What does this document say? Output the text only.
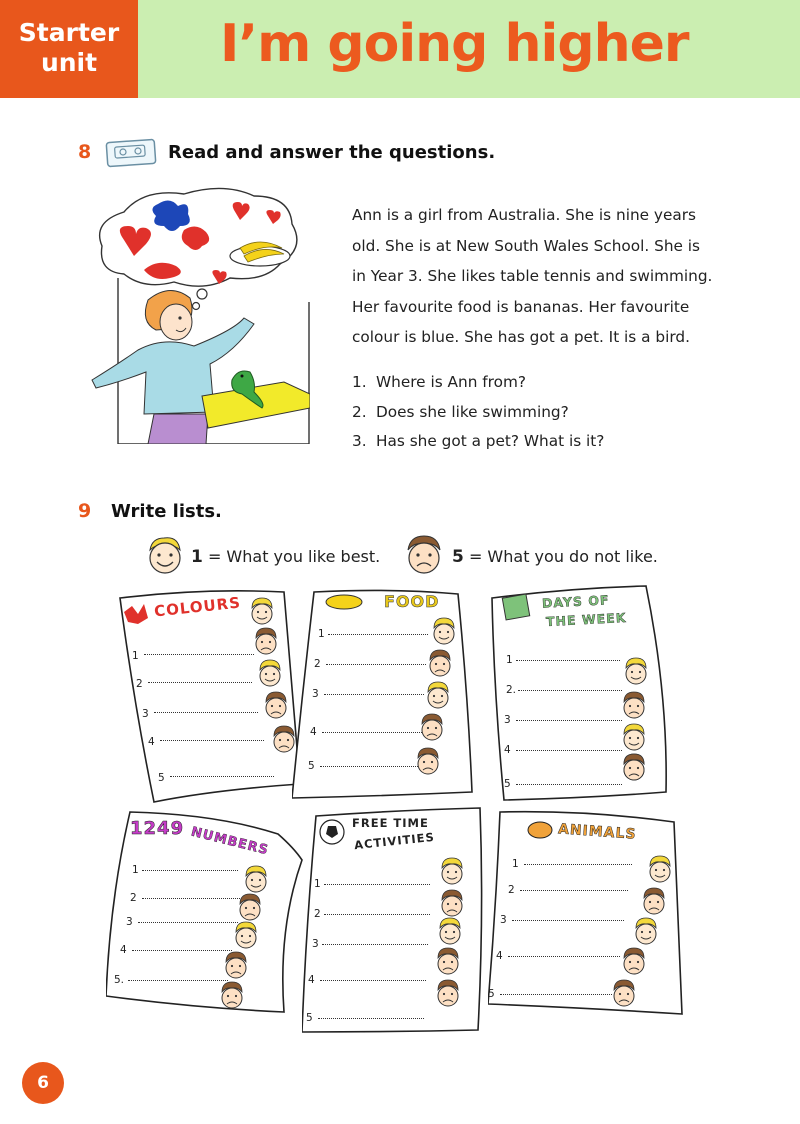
Starter
unit	I’m going higher
8	Read and answer the questions.
Ann is a girl from Australia. She is nine years
old. She is at New South Wales School. She is
in Year 3. She likes table tennis and swimming.
Her favourite food is bananas. Her favourite
colour is blue. She has got a pet. It is a bird.
1. Where is Ann from?
2. Does she like swimming?
3. Has she got a pet? What is it?
9 Write lists.
1 = What you like best.	5 = What you do not like.
COLOURS
1
2
3
4
5
FOOD
1
2
3
4
5
DAYS OF
THE WEEK
1
2.
3
4
5
1249 NUMBERS
1
2
3
4
5.
FREE TIME
ACTIVITIES
1
2
3
4
5
ANIMALS
1
2
3
4
5
6
